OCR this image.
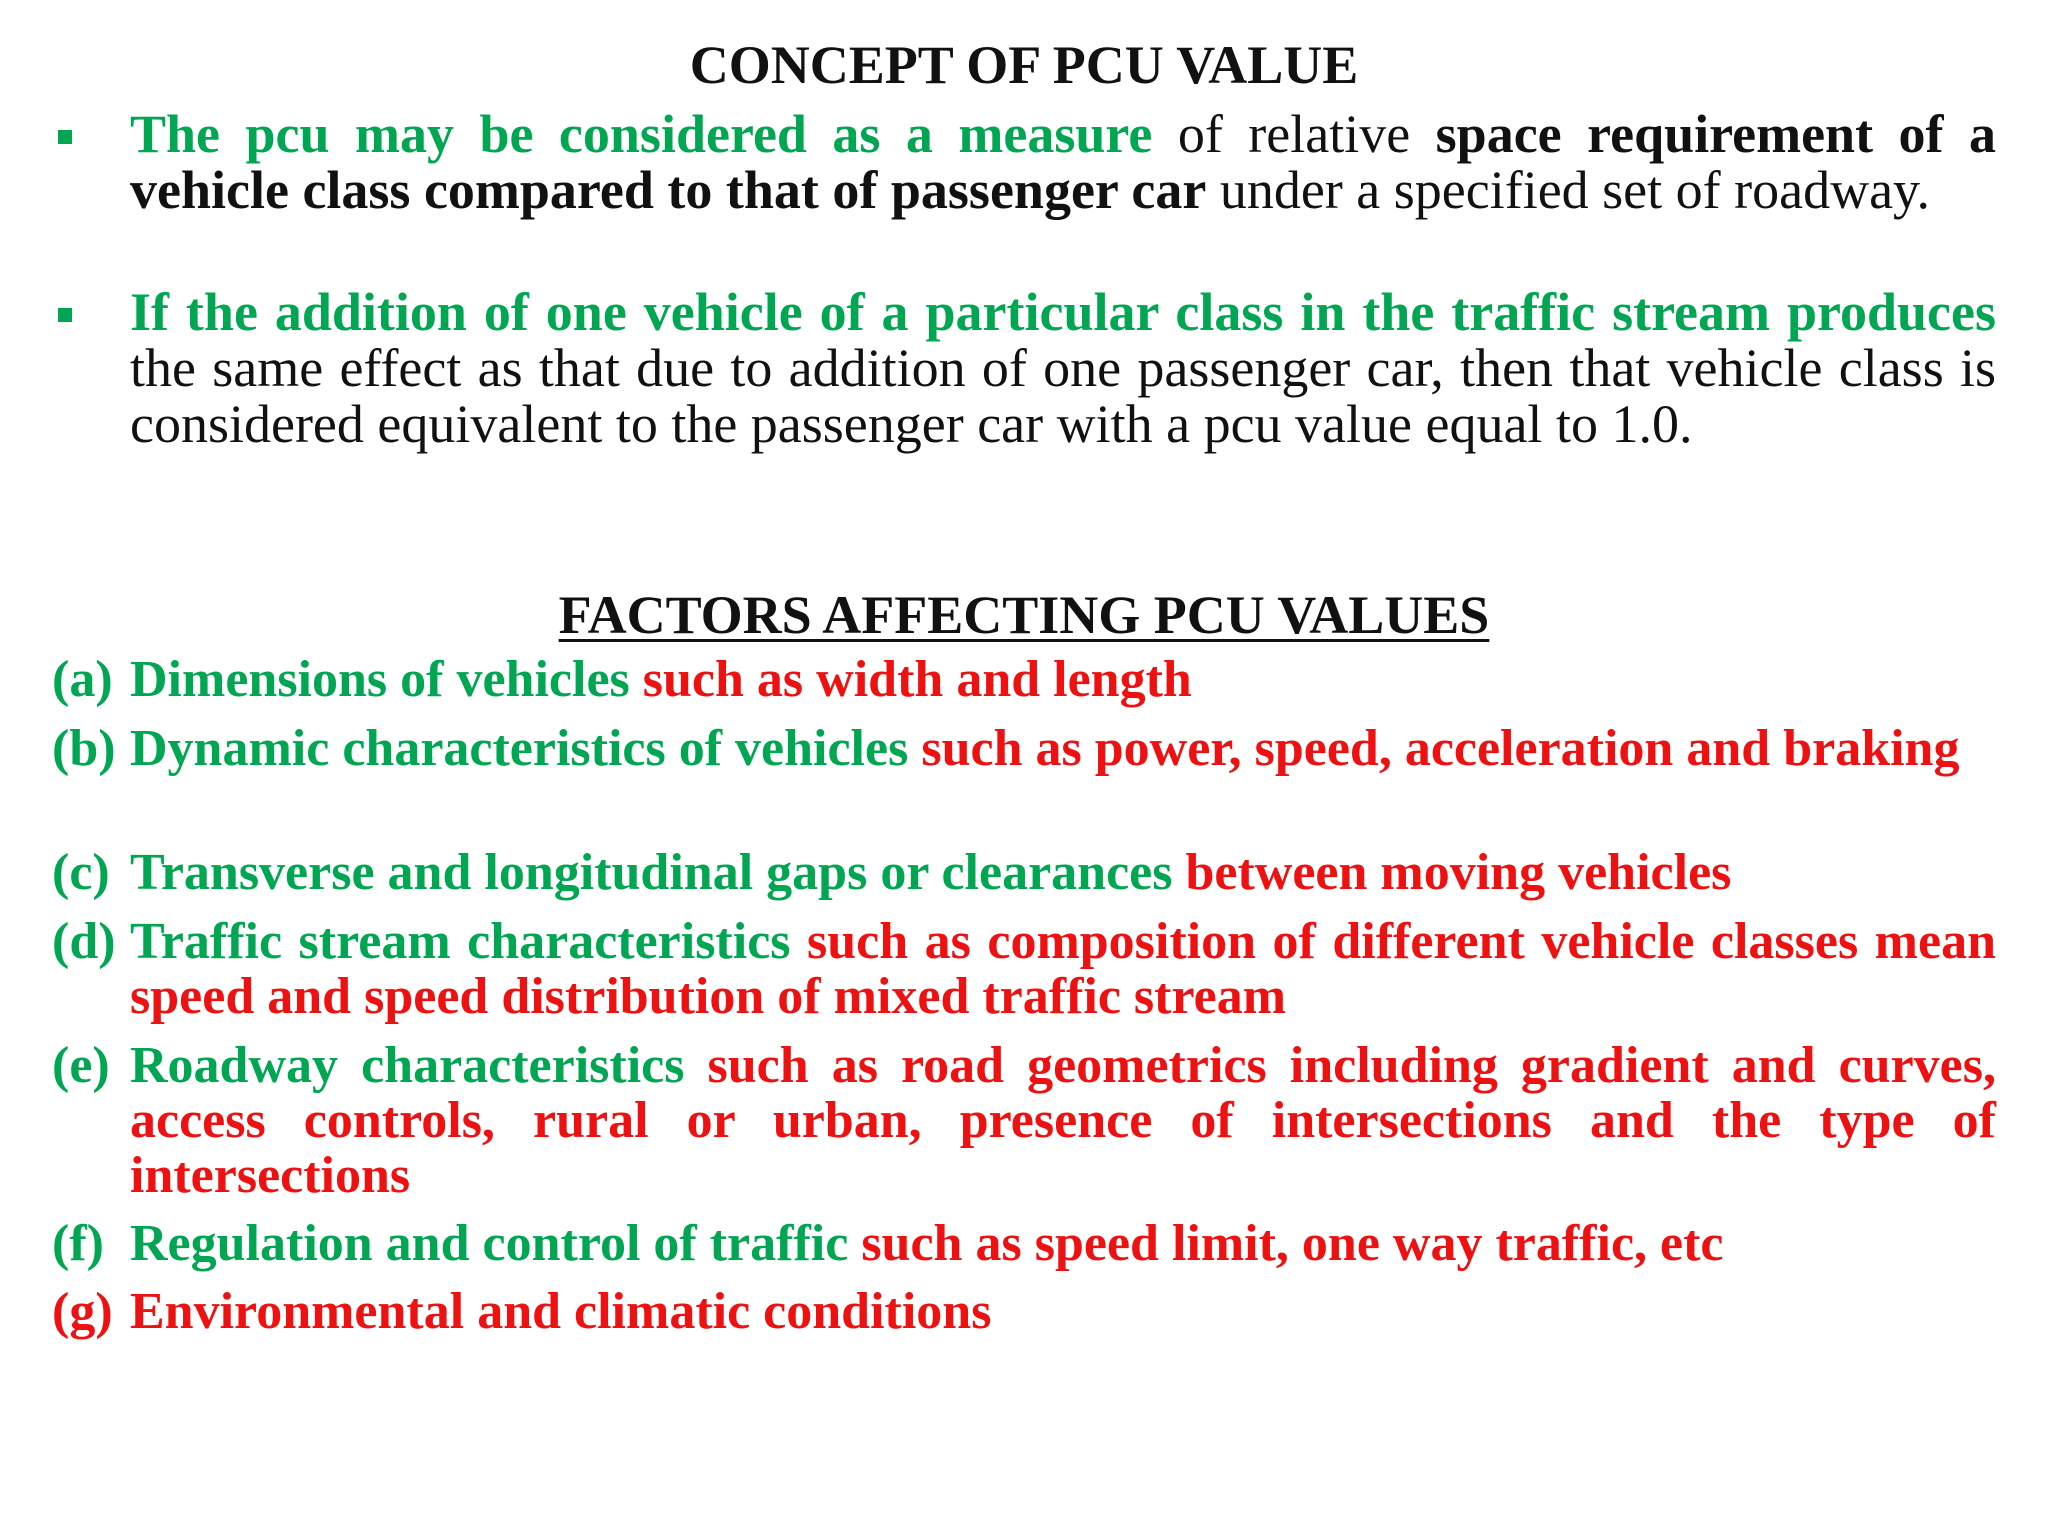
CONCEPT OF PCU VALUE
The pcu may be considered as a measure of relative space requirement of a vehicle class compared to that of passenger car under a specified set of roadway.
If the addition of one vehicle of a particular class in the traffic stream produces the same effect as that due to addition of one passenger car, then that vehicle class is considered equivalent to the passenger car with a pcu value equal to 1.0.
FACTORS AFFECTING PCU VALUES
(a) Dimensions of vehicles such as width and length
(b) Dynamic characteristics of vehicles such as power, speed, acceleration and braking
(c) Transverse and longitudinal gaps or clearances between moving vehicles
(d) Traffic stream characteristics such as composition of different vehicle classes mean speed and speed distribution of mixed traffic stream
(e) Roadway characteristics such as road geometrics including gradient and curves, access controls, rural or urban, presence of intersections and the type of intersections
(f) Regulation and control of traffic such as speed limit, one way traffic, etc
(g) Environmental and climatic conditions
